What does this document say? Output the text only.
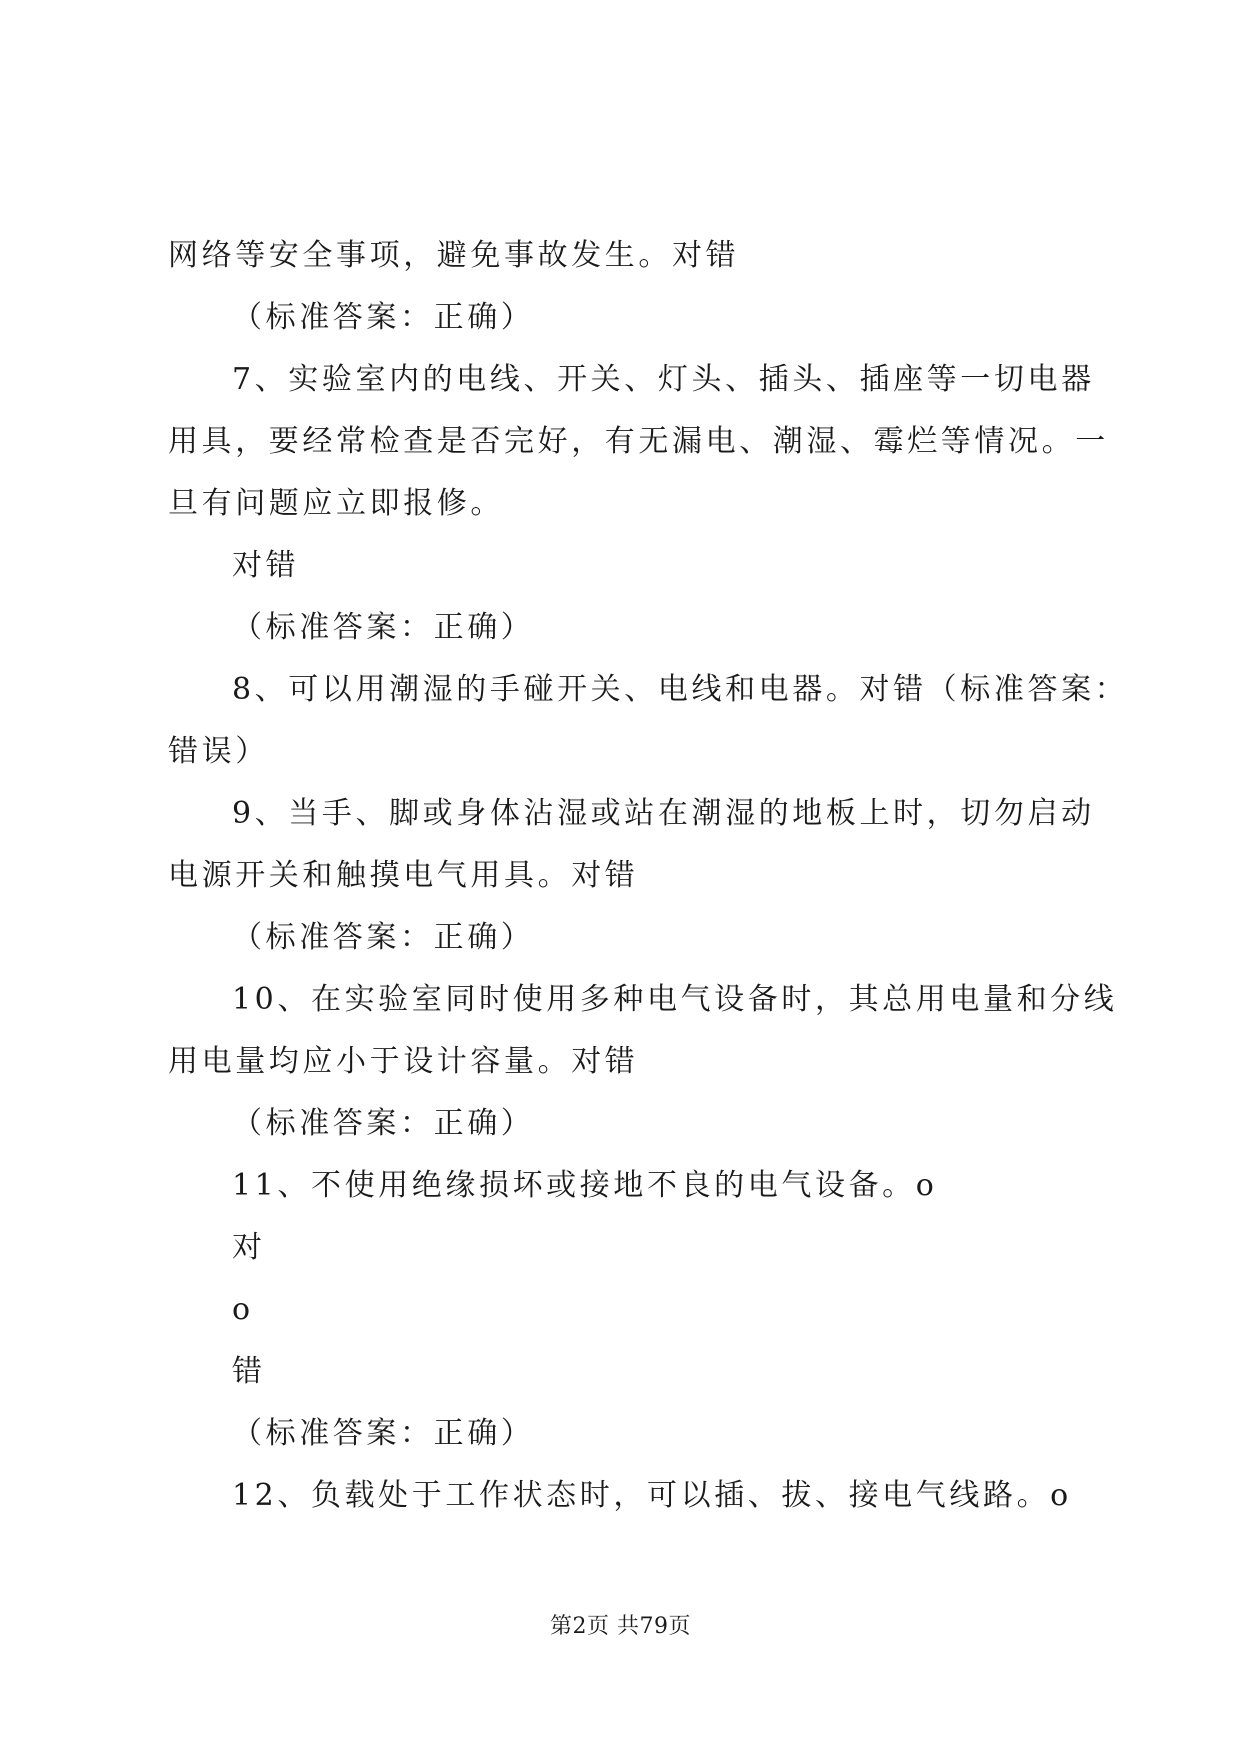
网络等安全事项，避免事故发生。对错
（标准答案：正确）
7、实验室内的电线、开关、灯头、插头、插座等一切电器
用具，要经常检查是否完好，有无漏电、潮湿、霉烂等情况。一
旦有问题应立即报修。
对错
（标准答案：正确）
8、可以用潮湿的手碰开关、电线和电器。对错（标准答案：
错误）
9、当手、脚或身体沾湿或站在潮湿的地板上时，切勿启动
电源开关和触摸电气用具。对错
（标准答案：正确）
10、在实验室同时使用多种电气设备时，其总用电量和分线
用电量均应小于设计容量。对错
（标准答案：正确）
11、不使用绝缘损坏或接地不良的电气设备。o
对
o
错
（标准答案：正确）
12、负载处于工作状态时，可以插、拔、接电气线路。o
第2页 共79页
